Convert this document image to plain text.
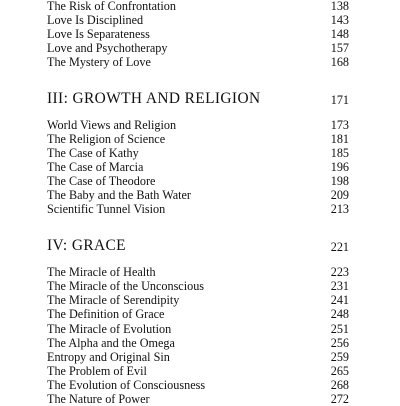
The Risk of Confrontation	138
Love Is Disciplined	143
Love Is Separateness	148
Love and Psychotherapy	157
The Mystery of Love	168
III: GROWTH AND RELIGION	171
World Views and Religion	173
The Religion of Science	181
The Case of Kathy	185
The Case of Marcia	196
The Case of Theodore	198
The Baby and the Bath Water	209
Scientific Tunnel Vision	213
IV: GRACE	221
The Miracle of Health	223
The Miracle of the Unconscious	231
The Miracle of Serendipity	241
The Definition of Grace	248
The Miracle of Evolution	251
The Alpha and the Omega	256
Entropy and Original Sin	259
The Problem of Evil	265
The Evolution of Consciousness	268
The Nature of Power	272
